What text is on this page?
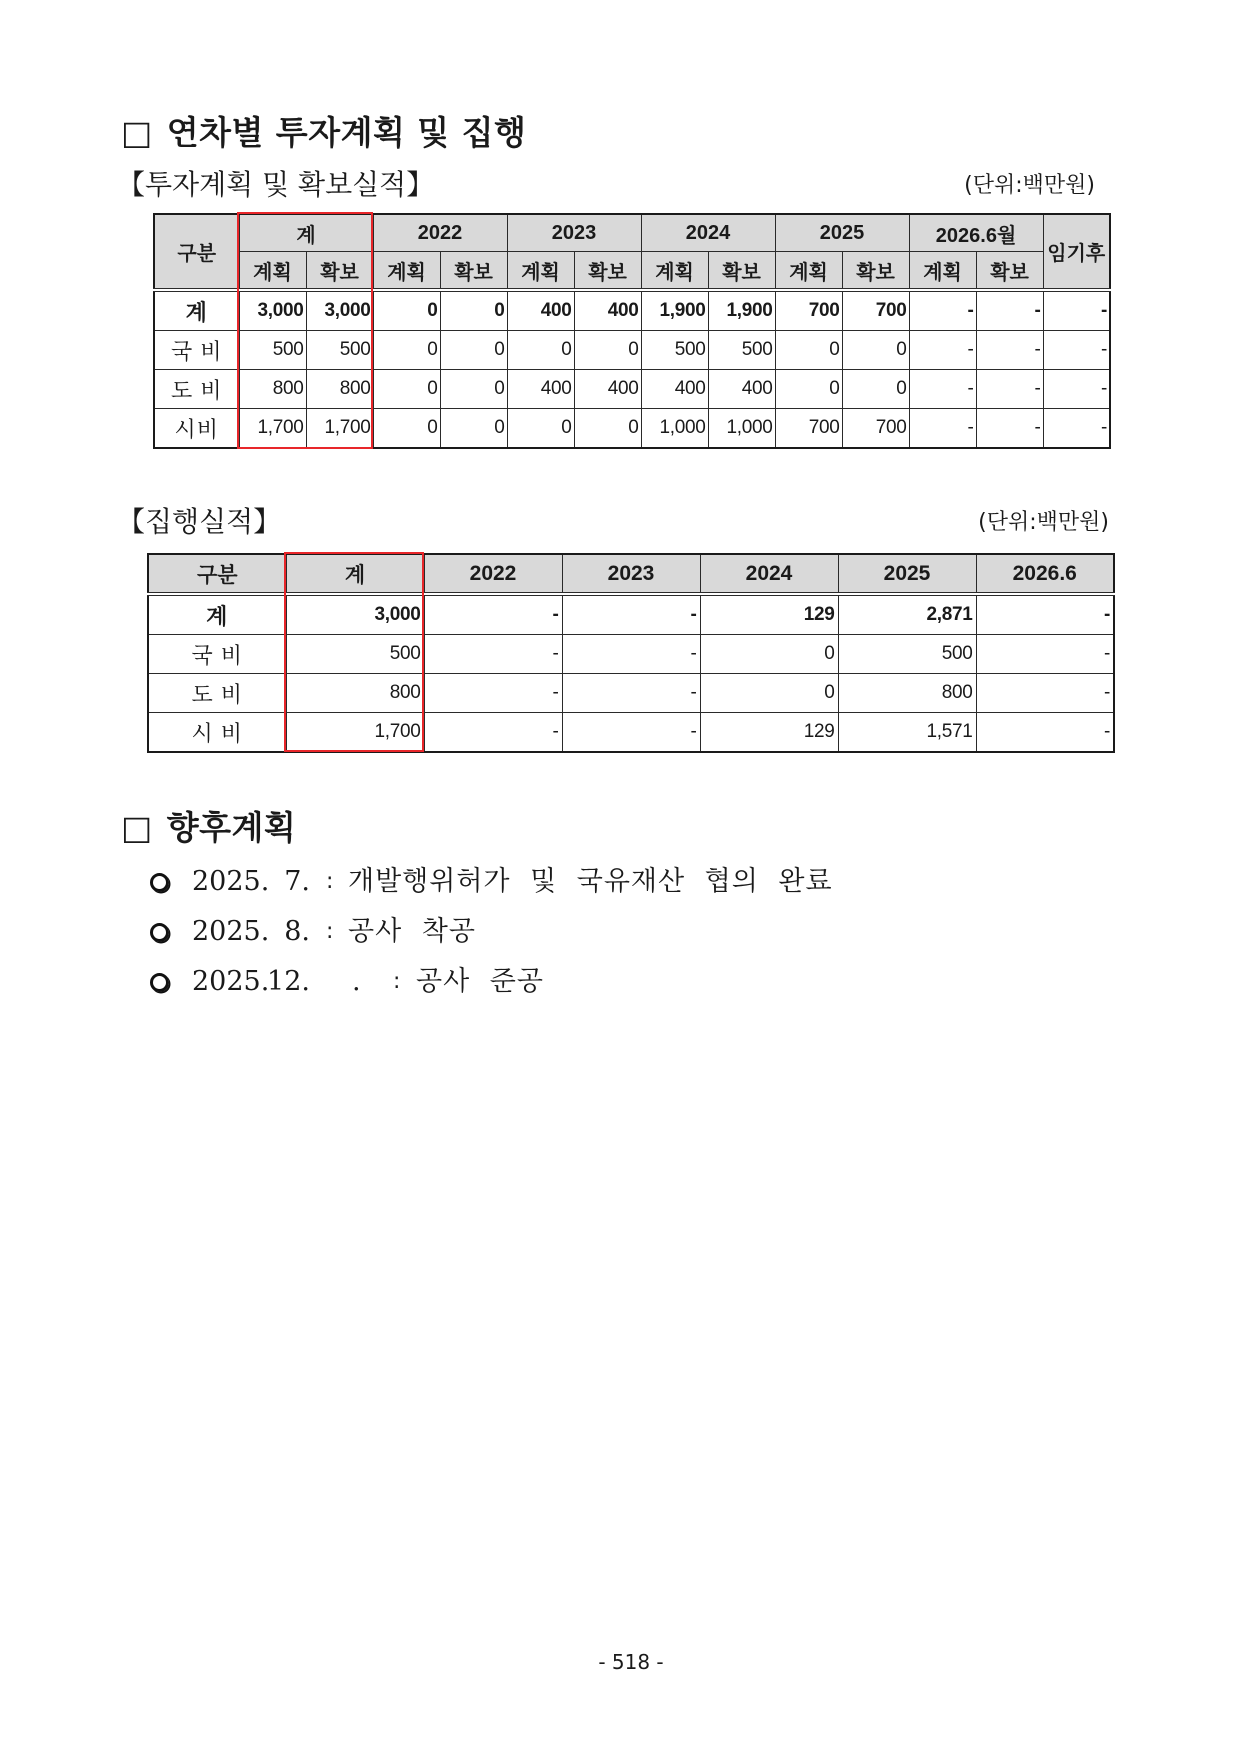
□ 연차별 투자계획 및 집행
【투자계획 및 확보실적】	(단위:백만원)
구분	계		2022		2023		2024		2025		2026.6월		임기후
	계획	확보	계획	확보	계획	확보	계획	확보	계획	확보	계획	확보	
계	3,000	3,000	0	0	400	400	1,900	1,900	700	700	-	-	-
국 비	500	500	0	0	0	0	500	500	0	0	-	-	-
도 비	800	800	0	0	400	400	400	400	0	0	-	-	-
시비	1,700	1,700	0	0	0	0	1,000	1,000	700	700	-	-	-
【집행실적】	(단위:백만원)
구분	계	2022	2023	2024	2025	2026.6
계	3,000	-	-	129	2,871	-
국 비	500	-	-	0	500	-
도 비	800	-	-	0	800	-
시 비	1,700	-	-	129	1,571	-
□ 향후계획
2025. 7. : 개발행위허가 및 국유재산 협의 완료
2025. 8. : 공사 착공
2025.
12. . : 공사 준공
- 518 -
